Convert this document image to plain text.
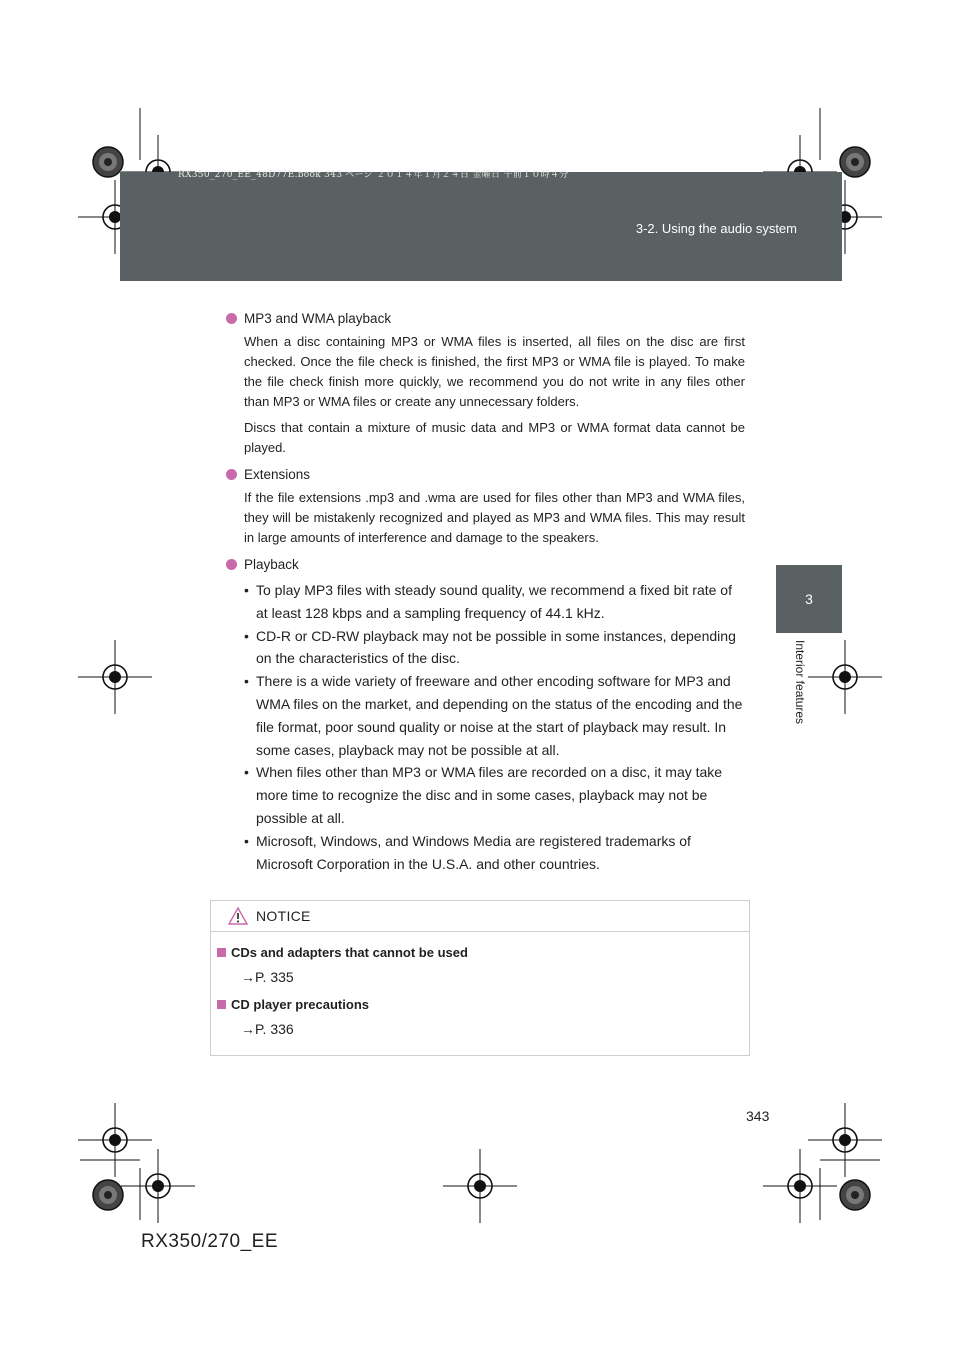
RX350_270_EE_48D77E.book 343 ページ ２０１４年１月２４日 金曜日 午前１０時４分
3-2. Using the audio system
3
Interior features
MP3 and WMA playback

When a disc containing MP3 or WMA files is inserted, all files on the disc are first checked. Once the file check is finished, the first MP3 or WMA file is played. To make the file check finish more quickly, we recommend you do not write in any files other than MP3 or WMA files or create any unnecessary folders.

Discs that contain a mixture of music data and MP3 or WMA format data cannot be played.

Extensions

If the file extensions .mp3 and .wma are used for files other than MP3 and WMA files, they will be mistakenly recognized and played as MP3 and WMA files. This may result in large amounts of interference and damage to the speakers.

Playback
• To play MP3 files with steady sound quality, we recommend a fixed bit rate of at least 128 kbps and a sampling frequency of 44.1 kHz.
• CD-R or CD-RW playback may not be possible in some instances, depending on the characteristics of the disc.
• There is a wide variety of freeware and other encoding software for MP3 and WMA files on the market, and depending on the status of the encoding and the file format, poor sound quality or noise at the start of playback may result. In some cases, playback may not be possible at all.
• When files other than MP3 or WMA files are recorded on a disc, it may take more time to recognize the disc and in some cases, playback may not be possible at all.
• Microsoft, Windows, and Windows Media are registered trademarks of Microsoft Corporation in the U.S.A. and other countries.
NOTICE
CDs and adapters that cannot be used
→P. 335
CD player precautions
→P. 336
343
RX350/270_EE
